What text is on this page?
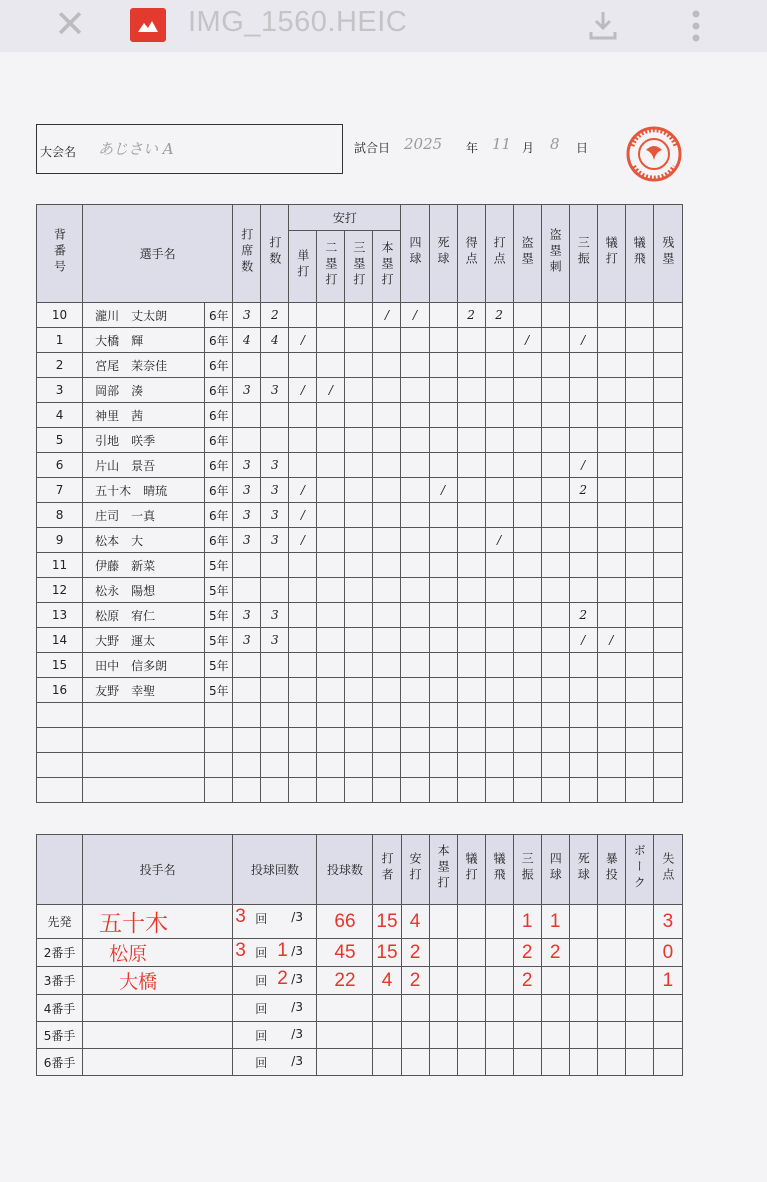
✕	IMG_1560.HEIC
大会名 あじさい A	試合日 2025 年 11 月 8 日
背番号	選手名		打席数	打数	安打				四球	死球	得点	打点	盗塁	盗塁刺	三振	犠打	犠飛	残塁
					単打	二塁打	三塁打	本塁打										
10	瀧川　丈太朗	6年	3	2				/	/		2	2						
1	大橋　輝	6年	4	4	/								/		/			
2	宮尾　茉奈佳	6年																
3	岡部　湊	6年	3	3	/	/												
4	神里　茜	6年																
5	引地　咲季	6年																
6	片山　景吾	6年	3	3											/			
7	五十木　晴琉	6年	3	3	/					/					2			
8	庄司　一真	6年	3	3	/													
9	松本　大	6年	3	3	/							/						
11	伊藤　新菜	5年																
12	松永　陽想	5年																
13	松原　宥仁	5年	3	3											2			
14	大野　運太	5年	3	3											/	/		
15	田中　信多朗	5年																
16	友野　幸聖	5年																

	投手名	投球回数	投球数	打者	安打	本塁打	犠打	犠飛	三振	四球	死球	暴投	ボーク	失点
先発	五十木	3 回 /3	66	15	4				1	1				3
2番手	松原	3 回 1 /3	45	15	2				2	2				0
3番手	大橋	回 2 /3	22	4	2				2					1
4番手		回 /3												

5番手		回 /3												

6番手		回 /3												
